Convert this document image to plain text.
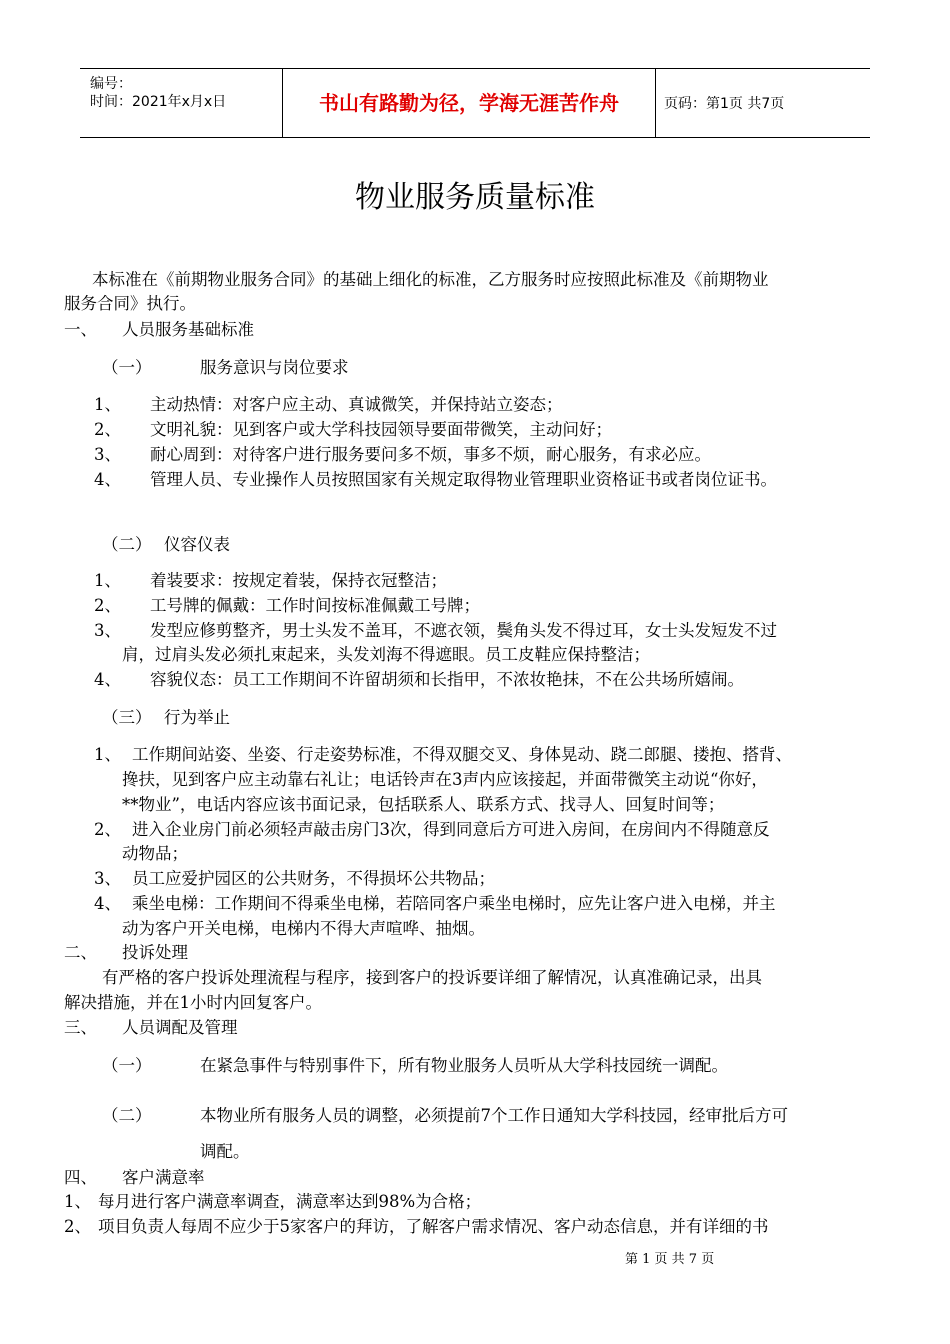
编号：
时间：2021年x月x日	书山有路勤为径，学海无涯苦作舟	页码：第1页 共7页
物业服务质量标准
本标准在《前期物业服务合同》的基础上细化的标准，乙方服务时应按照此标准及《前期物业
服务合同》执行。
一、 人员服务基础标准
（一）	服务意识与岗位要求
1、 主动热情：对客户应主动、真诚微笑，并保持站立姿态；
2、 文明礼貌：见到客户或大学科技园领导要面带微笑，主动问好；
3、 耐心周到：对待客户进行服务要问多不烦，事多不烦，耐心服务，有求必应。
4、 管理人员、专业操作人员按照国家有关规定取得物业管理职业资格证书或者岗位证书。
（二） 仪容仪表
1、 着装要求：按规定着装，保持衣冠整洁；
2、 工号牌的佩戴：工作时间按标准佩戴工号牌；
3、 发型应修剪整齐，男士头发不盖耳，不遮衣领，鬓角头发不得过耳，女士头发短发不过
肩，过肩头发必须扎束起来，头发刘海不得遮眼。员工皮鞋应保持整洁；
4、 容貌仪态：员工工作期间不许留胡须和长指甲，不浓妆艳抹，不在公共场所嬉闹。
（三） 行为举止
1、 工作期间站姿、坐姿、行走姿势标准，不得双腿交叉、身体晃动、跷二郎腿、搂抱、搭背、
搀扶，见到客户应主动靠右礼让；电话铃声在3声内应该接起，并面带微笑主动说“你好，
**物业”，电话内容应该书面记录，包括联系人、联系方式、找寻人、回复时间等；
2、 进入企业房门前必须轻声敲击房门3次，得到同意后方可进入房间，在房间内不得随意反
动物品；
3、 员工应爱护园区的公共财务，不得损坏公共物品；
4、 乘坐电梯：工作期间不得乘坐电梯，若陪同客户乘坐电梯时，应先让客户进入电梯，并主
动为客户开关电梯，电梯内不得大声喧哗、抽烟。
二、 投诉处理
有严格的客户投诉处理流程与程序，接到客户的投诉要详细了解情况，认真准确记录，出具
解决措施，并在1小时内回复客户。
三、 人员调配及管理
（一）	在紧急事件与特别事件下，所有物业服务人员听从大学科技园统一调配。
（二）	本物业所有服务人员的调整，必须提前7个工作日通知大学科技园，经审批后方可
调配。
四、 客户满意率
1、 每月进行客户满意率调查，满意率达到98%为合格；
2、 项目负责人每周不应少于5家客户的拜访，了解客户需求情况、客户动态信息，并有详细的书
第 1 页 共 7 页
